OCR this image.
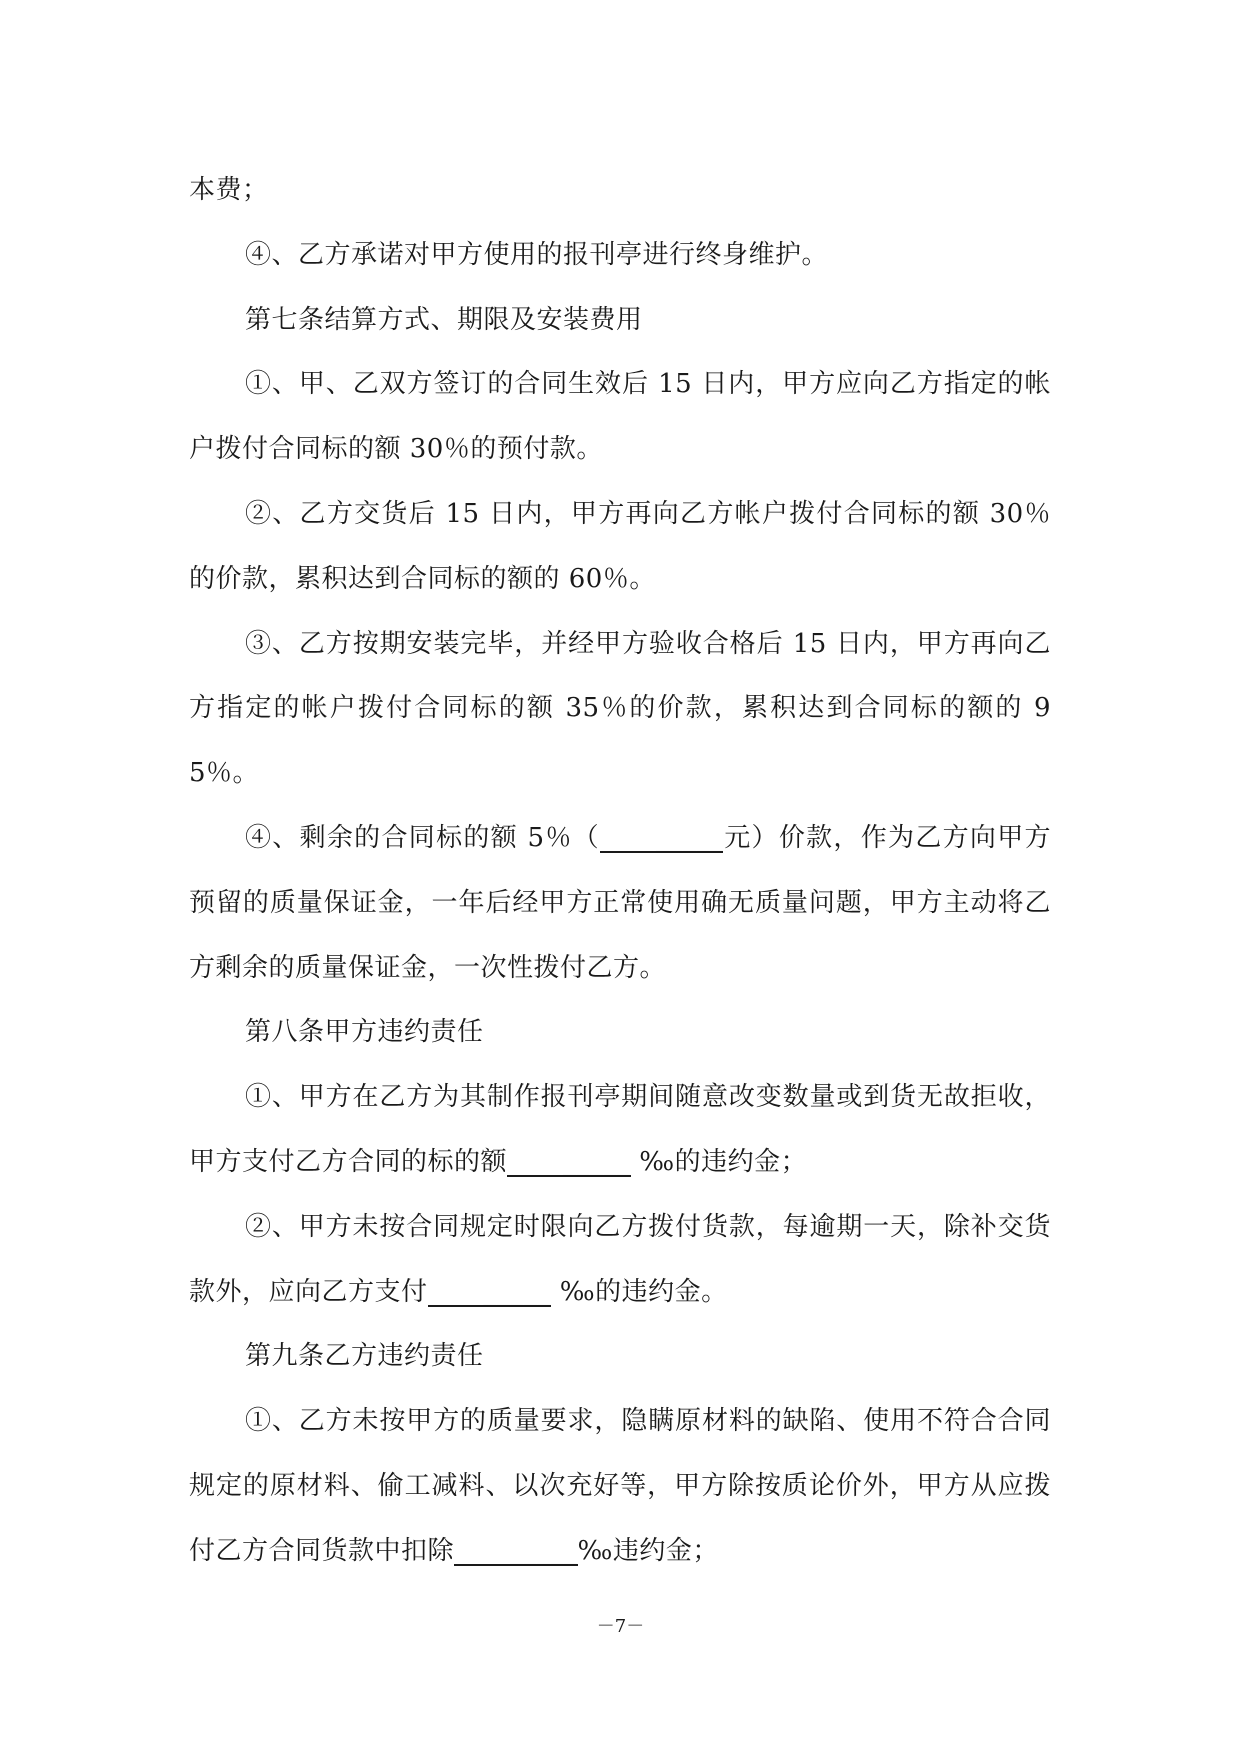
本费；

④、乙方承诺对甲方使用的报刊亭进行终身维护。

第七条结算方式、期限及安装费用

①、甲、乙双方签订的合同生效后 15 日内，甲方应向乙方指定的帐户拨付合同标的额 30％的预付款。

②、乙方交货后 15 日内，甲方再向乙方帐户拨付合同标的额 30％的价款，累积达到合同标的额的 60％。

③、乙方按期安装完毕，并经甲方验收合格后 15 日内，甲方再向乙方指定的帐户拨付合同标的额 35％的价款，累积达到合同标的额的 95％。

④、剩余的合同标的额 5％（ _____元）价款，作为乙方向甲方预留的质量保证金，一年后经甲方正常使用确无质量问题，甲方主动将乙方剩余的质量保证金，一次性拨付乙方。

第八条甲方违约责任

①、甲方在乙方为其制作报刊亭期间随意改变数量或到货无故拒收，甲方支付乙方合同的标的额 _____ ‰的违约金；

②、甲方未按合同规定时限向乙方拨付货款，每逾期一天，除补交货款外，应向乙方支付 _____ ‰的违约金。

第九条乙方违约责任

①、乙方未按甲方的质量要求，隐瞒原材料的缺陷、使用不符合合同规定的原材料、偷工减料、以次充好等，甲方除按质论价外，甲方从应拨付乙方合同货款中扣除 _____‰违约金；

－7－
